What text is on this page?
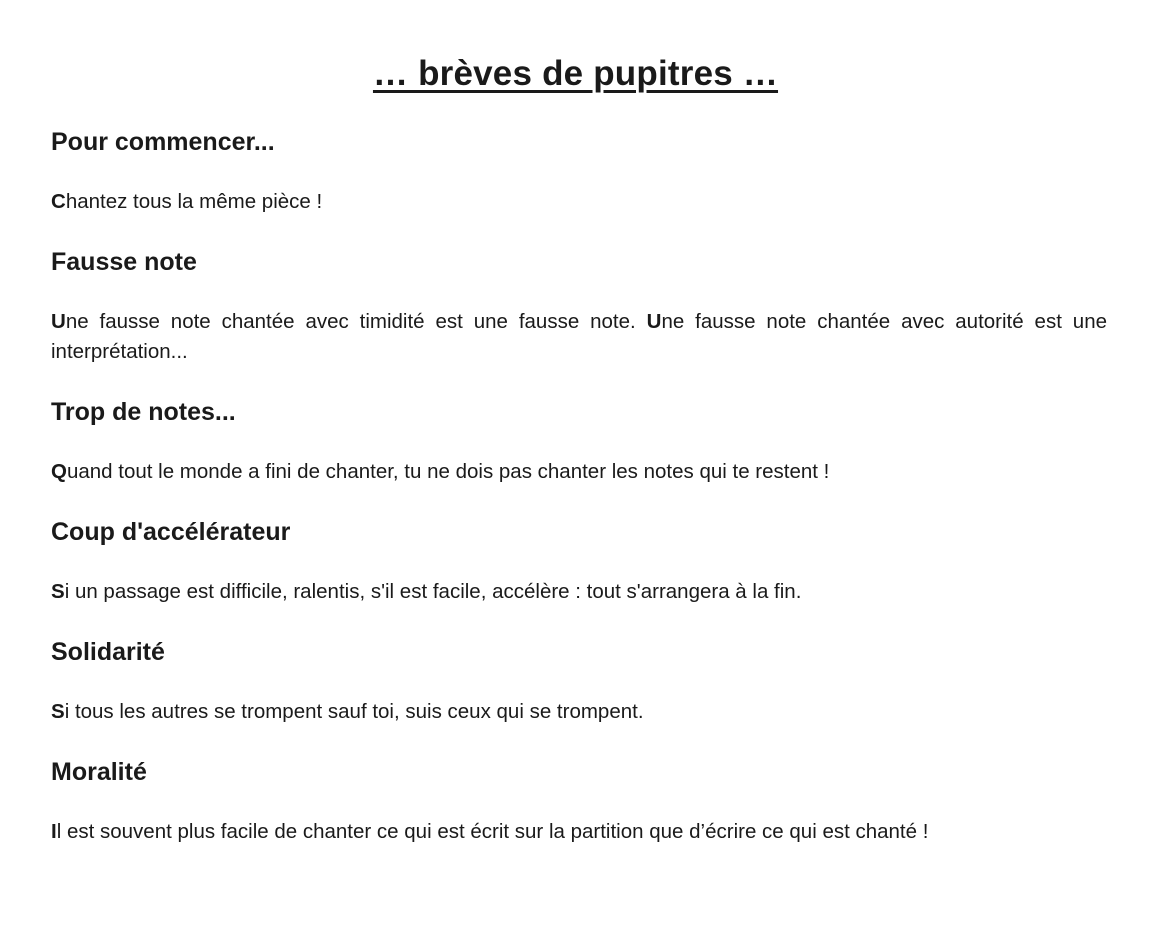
… brèves de pupitres …
Pour commencer...

Chantez tous la même pièce !

Fausse note

Une fausse note chantée avec timidité est une fausse note. Une fausse note chantée avec autorité est une interprétation...

Trop de notes...

Quand tout le monde a fini de chanter, tu ne dois pas chanter les notes qui te restent !

Coup d'accélérateur

Si un passage est difficile, ralentis, s'il est facile, accélère : tout s'arrangera à la fin.

Solidarité

Si tous les autres se trompent sauf toi, suis ceux qui se trompent.

Moralité

Il est souvent plus facile de chanter ce qui est écrit sur la partition que d’écrire ce qui est chanté !
